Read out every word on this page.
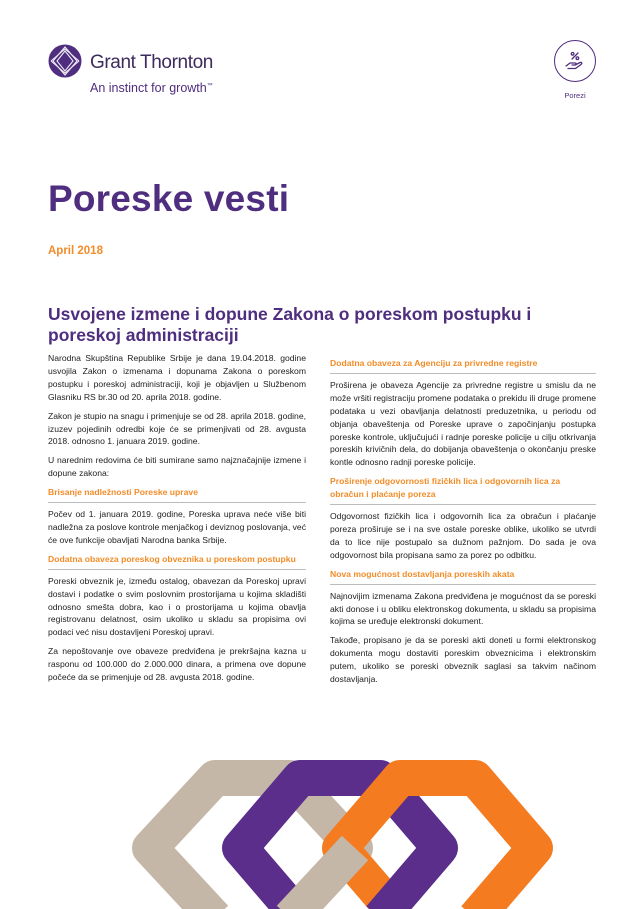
Grant Thornton
An instinct for growth™
Porezi
Poreske vesti
April 2018
Usvojene izmene i dopune Zakona o poreskom postupku i poreskoj administraciji

Narodna Skupština Republike Srbije je dana 19.04.2018. godine usvojila Zakon o izmenama i dopunama Zakona o poreskom postupku i poreskoj administraciji, koji je objavljen u Službenom Glasniku RS br.30 od 20. aprila 2018. godine.

Zakon je stupio na snagu i primenjuje se od 28. aprila 2018. godine, izuzev pojedinih odredbi koje će se primenjivati od 28. avgusta 2018. odnosno 1. januara 2019. godine.

U narednim redovima će biti sumirane samo najznačajnije izmene i dopune zakona:

Brisanje nadležnosti Poreske uprave

Počev od 1. januara 2019. godine, Poreska uprava neće više biti nadležna za poslove kontrole menjačkog i deviznog poslovanja, već će ove funkcije obavljati Narodna banka Srbije.

Dodatna obaveza poreskog obveznika u poreskom postupku

Poreski obveznik je, između ostalog, obavezan da Poreskoj upravi dostavi i podatke o svim poslovnim prostorijama u kojima skladišti odnosno smešta dobra, kao i o prostorijama u kojima obavlja registrovanu delatnost, osim ukoliko u skladu sa propisima ovi podaci već nisu dostavljeni Poreskoj upravi.

Za nepoštovanje ove obaveze predviđena je prekršajna kazna u rasponu od 100.000 do 2.000.000 dinara, a primena ove dopune počeće da se primenjuje od 28. avgusta 2018. godine.

Dodatna obaveza za Agenciju za privredne registre

Proširena je obaveza Agencije za privredne registre u smislu da ne može vršiti registraciju promene podataka o prekidu ili druge promene podataka u vezi obavljanja delatnosti preduzetnika, u periodu od objanja obaveštenja od Poreske uprave o započinjanju postupka poreske kontrole, uključujući i radnje poreske policije u cilju otkrivanja poreskih krivičnih dela, do dobijanja obaveštenja o okončanju preske kontle odnosno radnji poreske policije.

Proširenje odgovornosti fizičkih lica i odgovornih lica za obračun i plaćanje poreza

Odgovornost fizičkih lica i odgovornih lica za obračun i plaćanje poreza proširuje se i na sve ostale poreske oblike, ukoliko se utvrdi da to lice nije postupalo sa dužnom pažnjom. Do sada je ova odgovornost bila propisana samo za porez po odbitku.

Nova mogućnost dostavljanja poreskih akata

Najnovijim izmenama Zakona predviđena je mogućnost da se poreski akti donose i u obliku elektronskog dokumenta, u skladu sa propisima kojima se uređuje elektronski dokument.

Takođe, propisano je da se poreski akti doneti u formi elektronskog dokumenta mogu dostaviti poreskim obveznicima i elektronskim putem, ukoliko se poreski obveznik saglasi sa takvim načinom dostavljanja.
